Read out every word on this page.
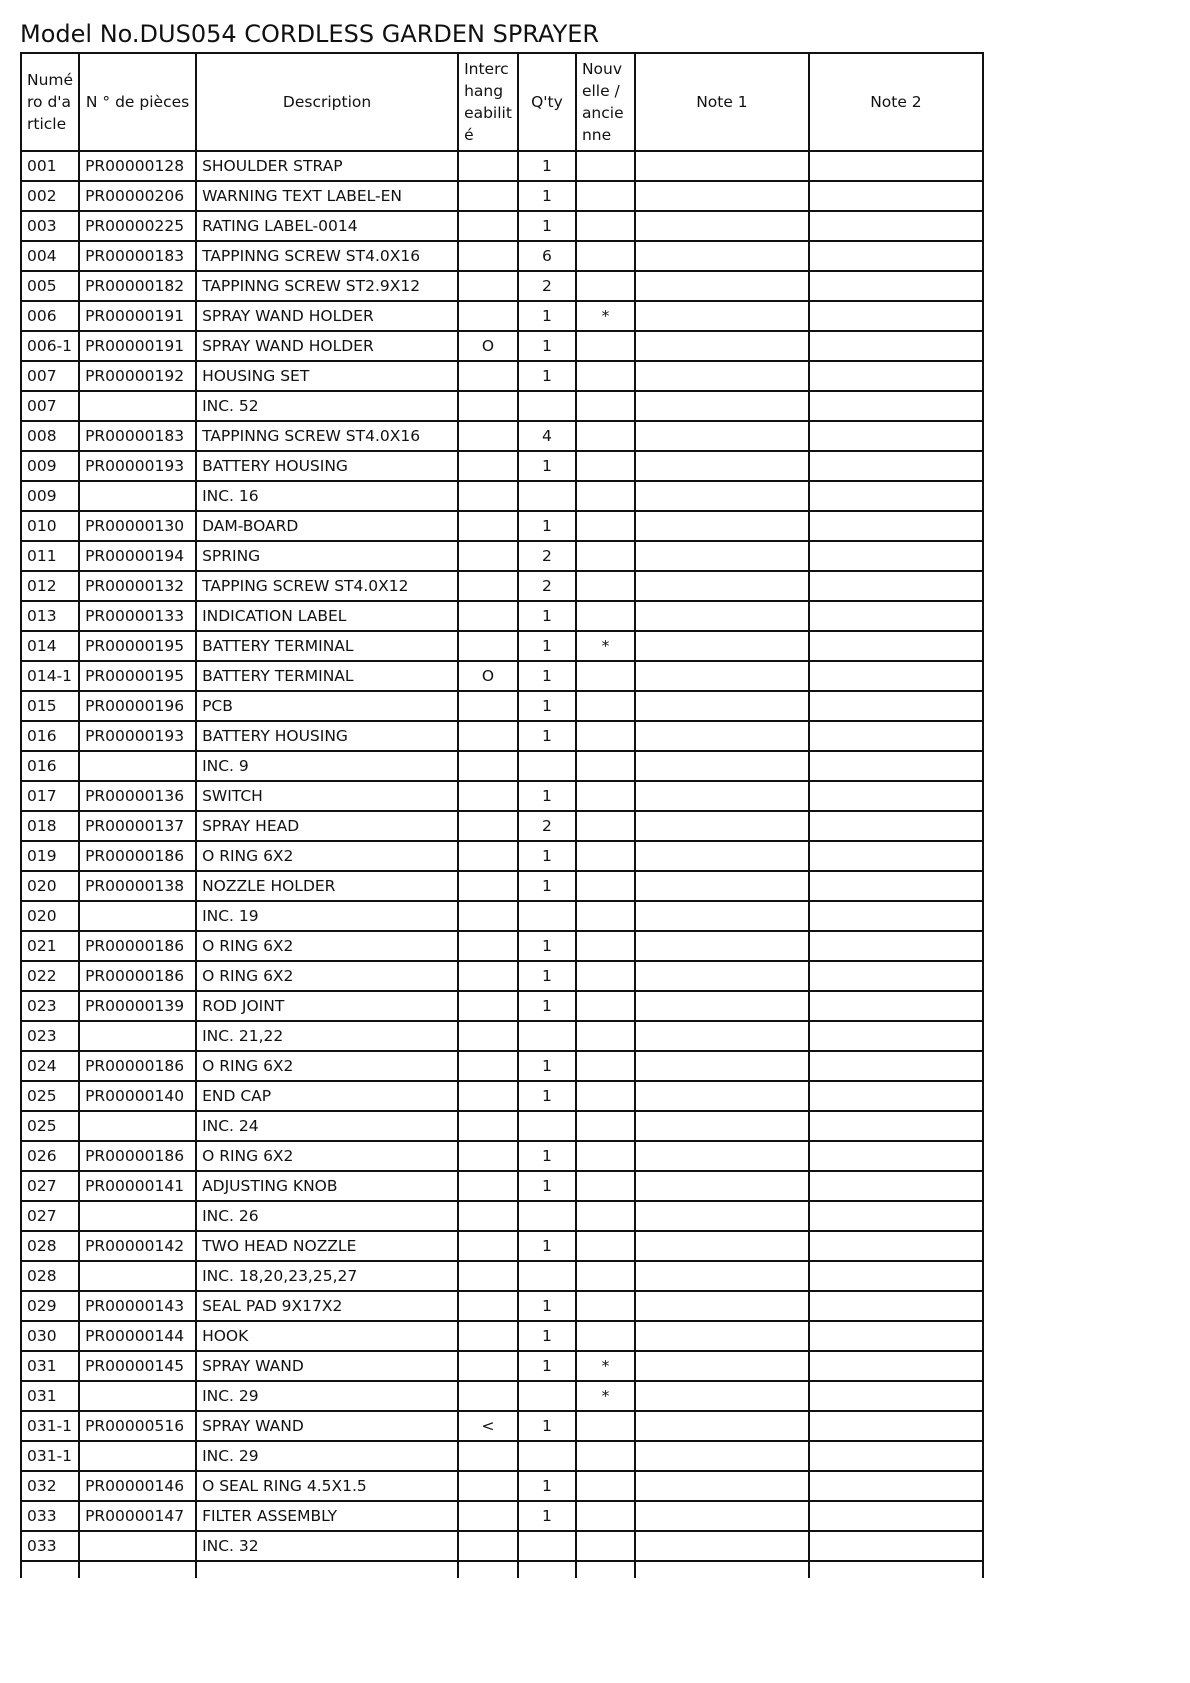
Model No.DUS054 CORDLESS GARDEN SPRAYER
Numé ro d'a rticle	N ° de pièces	Description	Interc hang eabilit é	Q'ty	Nouv elle / ancie nne	Note 1	Note 2
001	PR00000128	SHOULDER STRAP		1			
002	PR00000206	WARNING TEXT LABEL-EN		1			
003	PR00000225	RATING LABEL-0014		1			
004	PR00000183	TAPPINNG SCREW ST4.0X16		6			
005	PR00000182	TAPPINNG SCREW ST2.9X12		2			
006	PR00000191	SPRAY WAND HOLDER		1	*		
006-1	PR00000191	SPRAY WAND HOLDER	O	1			
007	PR00000192	HOUSING SET		1			
007		INC. 52					
008	PR00000183	TAPPINNG SCREW ST4.0X16		4			
009	PR00000193	BATTERY HOUSING		1			
009		INC. 16					
010	PR00000130	DAM-BOARD		1			
011	PR00000194	SPRING		2			
012	PR00000132	TAPPING SCREW ST4.0X12		2			
013	PR00000133	INDICATION LABEL		1			
014	PR00000195	BATTERY TERMINAL		1	*		
014-1	PR00000195	BATTERY TERMINAL	O	1			
015	PR00000196	PCB		1			
016	PR00000193	BATTERY HOUSING		1			
016		INC. 9					
017	PR00000136	SWITCH		1			
018	PR00000137	SPRAY HEAD		2			
019	PR00000186	O RING 6X2		1			
020	PR00000138	NOZZLE HOLDER		1			
020		INC. 19					
021	PR00000186	O RING 6X2		1			
022	PR00000186	O RING 6X2		1			
023	PR00000139	ROD JOINT		1			
023		INC. 21,22					
024	PR00000186	O RING 6X2		1			
025	PR00000140	END CAP		1			
025		INC. 24					
026	PR00000186	O RING 6X2		1			
027	PR00000141	ADJUSTING KNOB		1			
027		INC. 26					
028	PR00000142	TWO HEAD NOZZLE		1			
028		INC. 18,20,23,25,27					
029	PR00000143	SEAL PAD 9X17X2		1			
030	PR00000144	HOOK		1			
031	PR00000145	SPRAY WAND		1	*		
031		INC. 29			*		
031-1	PR00000516	SPRAY WAND	<	1			
031-1		INC. 29					
032	PR00000146	O SEAL RING 4.5X1.5		1			
033	PR00000147	FILTER ASSEMBLY		1			
033		INC. 32					
